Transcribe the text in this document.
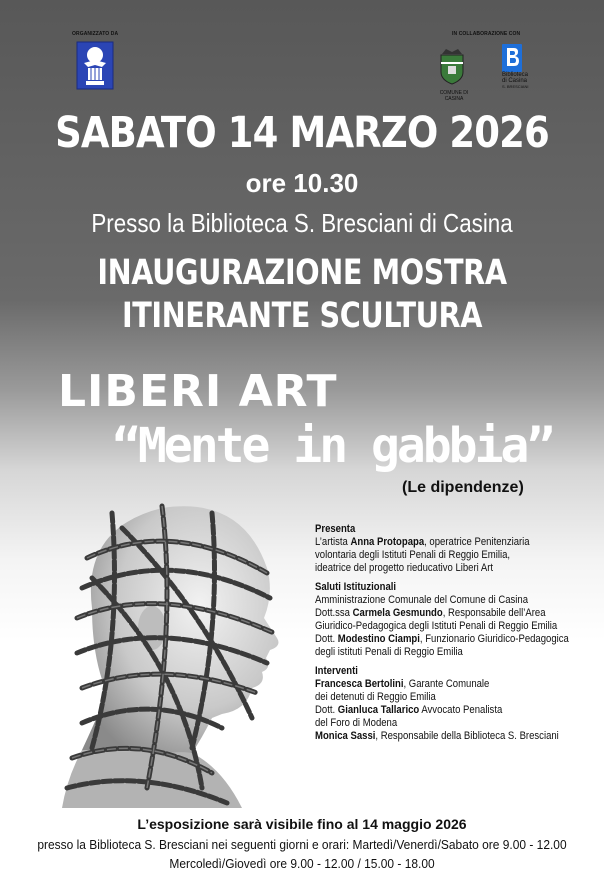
ORGANIZZATO DA	IN COLLABORAZIONE CON
COMUNE DI CASINA
Biblioteca
di Casina
S. BRESCIANI
SABATO 14 MARZO 2026
ore 10.30
Presso la Biblioteca S. Bresciani di Casina
INAUGURAZIONE MOSTRA
ITINERANTE SCULTURA
LIBERI ART
“Mente in gabbia”
(Le dipendenze)
Presenta
L’artista Anna Protopapa, operatrice Penitenziaria
volontaria degli Istituti Penali di Reggio Emilia,
ideatrice del progetto rieducativo Liberi Art
Saluti Istituzionali
Amministrazione Comunale del Comune di Casina
Dott.ssa Carmela Gesmundo, Responsabile dell’Area
Giuridico-Pedagogica degli Istituti Penali di Reggio Emilia
Dott. Modestino Ciampi, Funzionario Giuridico-Pedagogica
degli istituti Penali di Reggio Emilia
Interventi
Francesca Bertolini, Garante Comunale
dei detenuti di Reggio Emilia
Dott. Gianluca Tallarico Avvocato Penalista
del Foro di Modena
Monica Sassi, Responsabile della Biblioteca S. Bresciani
L’esposizione sarà visibile fino al 14 maggio 2026
presso la Biblioteca S. Bresciani nei seguenti giorni e orari: Martedì/Venerdì/Sabato ore 9.00 - 12.00
Mercoledì/Giovedì ore 9.00 - 12.00 / 15.00 - 18.00
